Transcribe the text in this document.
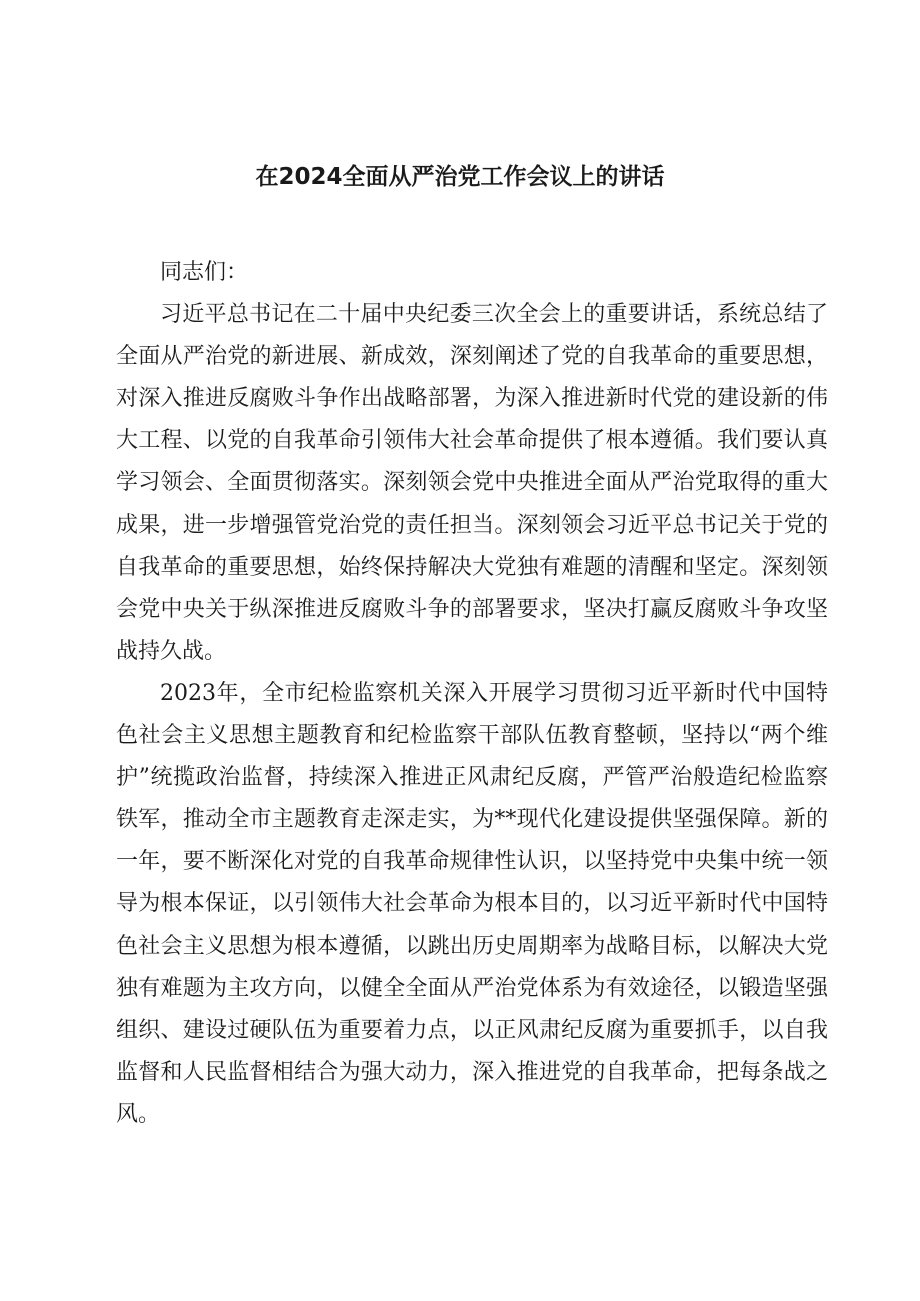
在2024全面从严治党工作会议上的讲话

同志们：

习近平总书记在二十届中央纪委三次全会上的重要讲话，系统总结了全面从严治党的新进展、新成效，深刻阐述了党的自我革命的重要思想，对深入推进反腐败斗争作出战略部署，为深入推进新时代党的建设新的伟大工程、以党的自我革命引领伟大社会革命提供了根本遵循。我们要认真学习领会、全面贯彻落实。深刻领会党中央推进全面从严治党取得的重大成果，进一步增强管党治党的责任担当。深刻领会习近平总书记关于党的自我革命的重要思想，始终保持解决大党独有难题的清醒和坚定。深刻领会党中央关于纵深推进反腐败斗争的部署要求，坚决打赢反腐败斗争攻坚战持久战。

2023年，全市纪检监察机关深入开展学习贯彻习近平新时代中国特色社会主义思想主题教育和纪检监察干部队伍教育整顿，坚持以“两个维护”统揽政治监督，持续深入推进正风肃纪反腐，严管严治般造纪检监察铁军，推动全市主题教育走深走实，为**现代化建设提供坚强保障。新的一年，要不断深化对党的自我革命规律性认识，以坚持党中央集中统一领导为根本保证，以引领伟大社会革命为根本目的，以习近平新时代中国特色社会主义思想为根本遵循，以跳出历史周期率为战略目标，以解决大党独有难题为主攻方向，以健全全面从严治党体系为有效途径，以锻造坚强组织、建设过硬队伍为重要着力点，以正风肃纪反腐为重要抓手，以自我监督和人民监督相结合为强大动力，深入推进党的自我革命，把每条战之风。
